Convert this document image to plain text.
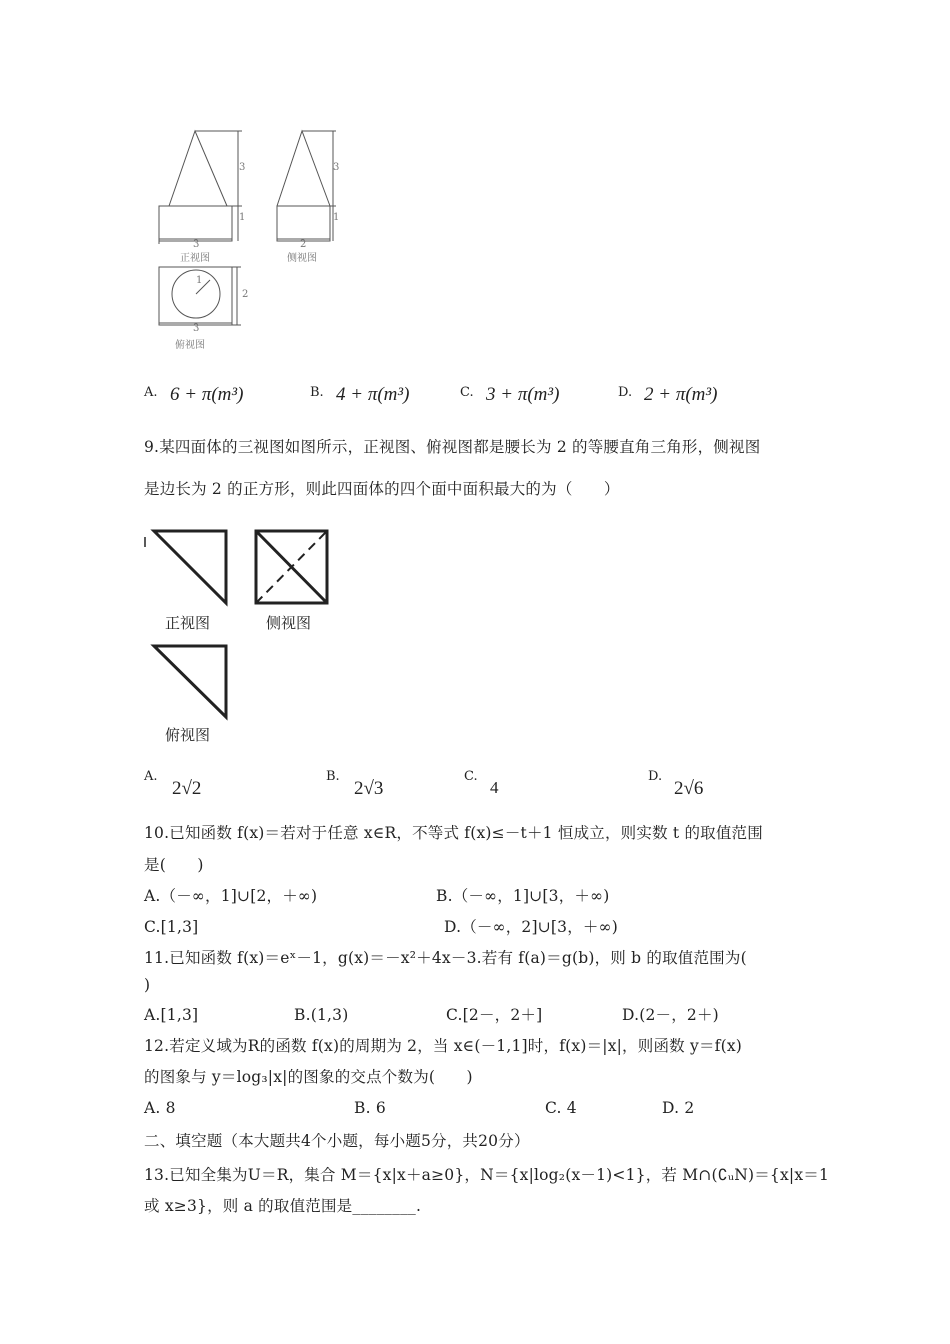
3
1
3
正视图
3
1
2
侧视图
1
2
3
俯视图
A. 6 + π(m³)	B. 4 + π(m³)	C. 3 + π(m³)	D. 2 + π(m³)
9.某四面体的三视图如图所示，正视图、俯视图都是腰长为 2 的等腰直角三角形，侧视图
是边长为 2 的正方形，则此四面体的四个面中面积最大的为（　　）
正视图	侧视图
俯视图
A.
2√2
B.
2√3
C.
4
D.
2√6
10.已知函数 f(x)＝若对于任意 x∈R，不等式 f(x)≤－t＋1 恒成立，则实数 t 的取值范围
是(　　)
A.（－∞，1]∪[2，＋∞)	B.（－∞，1]∪[3，＋∞)
C.[1,3]	D.（－∞，2]∪[3，＋∞)
11.已知函数 f(x)＝eˣ－1，g(x)＝－x²＋4x－3.若有 f(a)＝g(b)，则 b 的取值范围为(
)
A.[1,3]	B.(1,3)	C.[2－，2＋]	D.(2－，2＋)
12.若定义域为R的函数 f(x)的周期为 2，当 x∈(－1,1]时，f(x)＝|x|，则函数 y＝f(x)
的图象与 y＝log₃|x|的图象的交点个数为(　　)
A. 8	B. 6	C. 4	D. 2
二、填空题（本大题共4个小题，每小题5分，共20分）
13.已知全集为U＝R，集合 M＝{x|x＋a≥0}，N＝{x|log₂(x－1)<1}，若 M∩(∁ᵤN)＝{x|x＝1
或 x≥3}，则 a 的取值范围是________.
